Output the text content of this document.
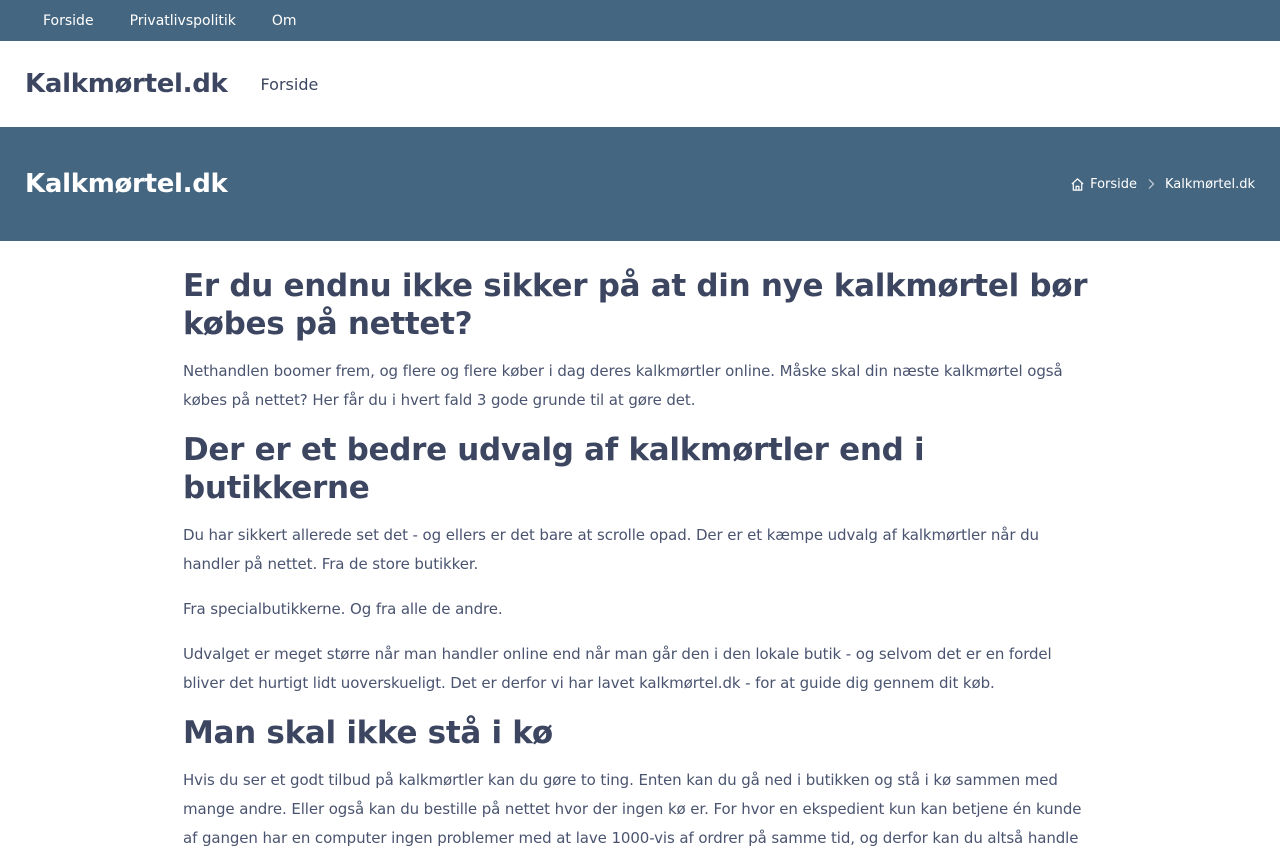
Forside	Privatlivspolitik	Om
Kalkmørtel.dk Forside
Kalkmørtel.dk	Forside Kalkmørtel.dk
Er du endnu ikke sikker på at din nye kalkmørtel bør købes på nettet?

Nethandlen boomer frem, og flere og flere køber i dag deres kalkmørtler online. Måske skal din næste kalkmørtel også købes på nettet? Her får du i hvert fald 3 gode grunde til at gøre det.

Der er et bedre udvalg af kalkmørtler end i butikkerne

Du har sikkert allerede set det - og ellers er det bare at scrolle opad. Der er et kæmpe udvalg af kalkmørtler når du handler på nettet. Fra de store butikker.

Fra specialbutikkerne. Og fra alle de andre.

Udvalget er meget større når man handler online end når man går den i den lokale butik - og selvom det er en fordel bliver det hurtigt lidt uoverskueligt. Det er derfor vi har lavet kalkmørtel.dk - for at guide dig gennem dit køb.

Man skal ikke stå i kø

Hvis du ser et godt tilbud på kalkmørtler kan du gøre to ting. Enten kan du gå ned i butikken og stå i kø sammen med mange andre. Eller også kan du bestille på nettet hvor der ingen kø er. For hvor en ekspedient kun kan betjene én kunde af gangen har en computer ingen problemer med at lave 1000-vis af ordrer på samme tid, og derfor kan du altså handle
